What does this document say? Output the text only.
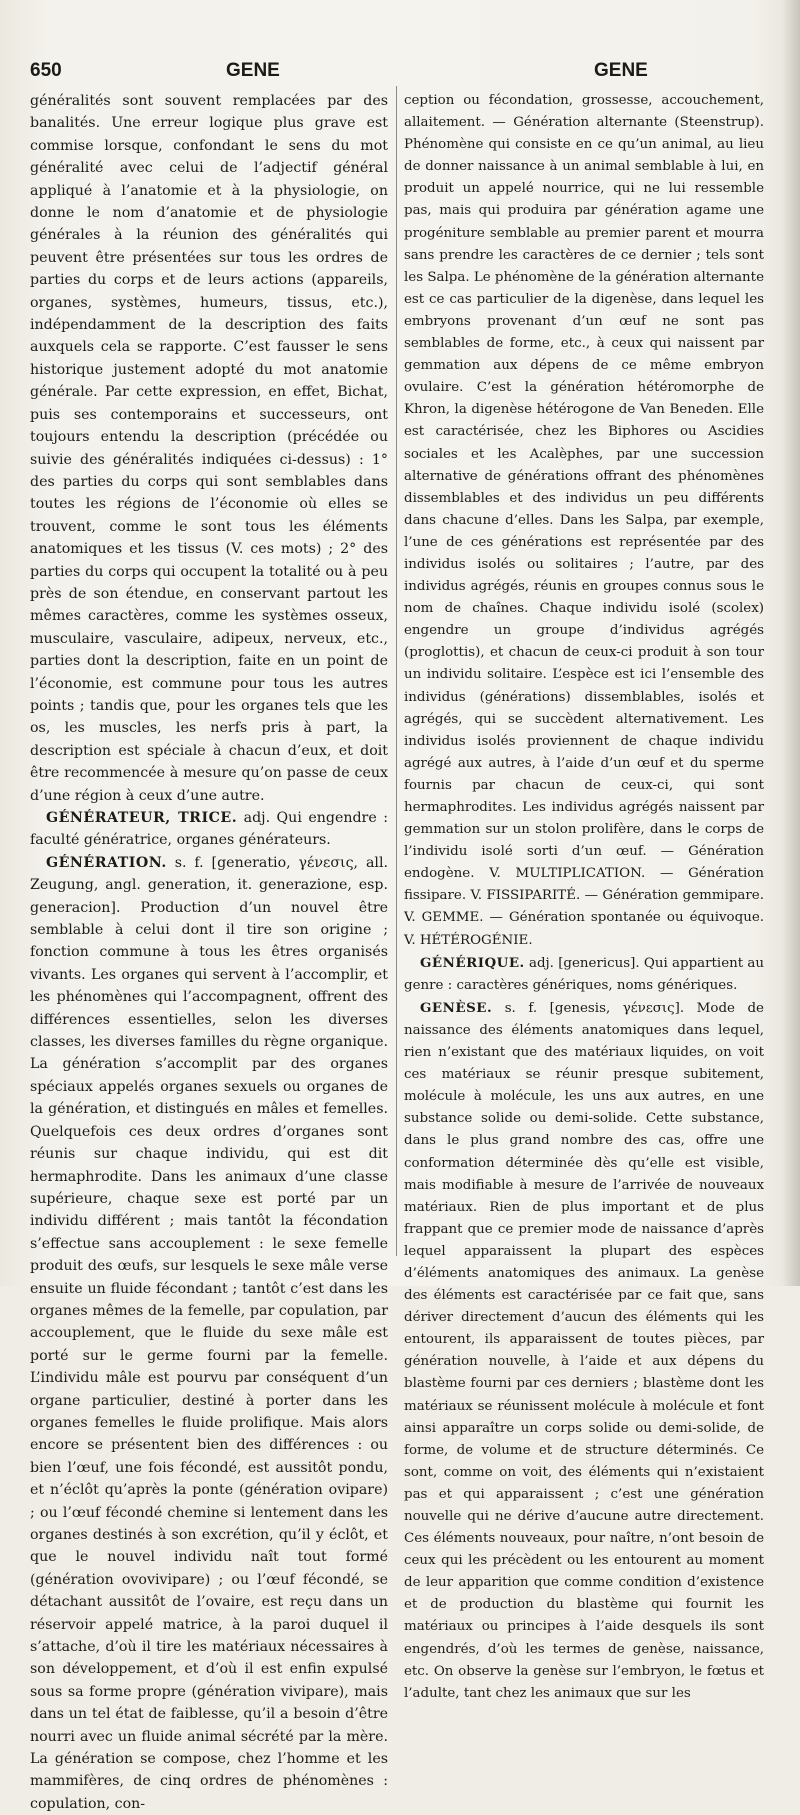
650	GENE	GENE

généralités sont souvent remplacées par des banalités. Une erreur logique plus grave est commise lorsque, confondant le sens du mot généralité avec celui de l’adjectif général appliqué à l’anatomie et à la physiologie, on donne le nom d’anatomie et de physiologie générales à la réunion des généralités qui peuvent être présentées sur tous les ordres de parties du corps et de leurs actions (appareils, organes, systèmes, humeurs, tissus, etc.), indépendamment de la description des faits auxquels cela se rapporte. C’est fausser le sens historique justement adopté du mot anatomie générale. Par cette expression, en effet, Bichat, puis ses contemporains et successeurs, ont toujours entendu la description (précédée ou suivie des généralités indiquées ci-dessus) : 1° des parties du corps qui sont semblables dans toutes les régions de l’économie où elles se trouvent, comme le sont tous les éléments anatomiques et les tissus (V. ces mots) ; 2° des parties du corps qui occupent la totalité ou à peu près de son étendue, en conservant partout les mêmes caractères, comme les systèmes osseux, musculaire, vasculaire, adipeux, nerveux, etc., parties dont la description, faite en un point de l’économie, est commune pour tous les autres points ; tandis que, pour les organes tels que les os, les muscles, les nerfs pris à part, la description est spéciale à chacun d’eux, et doit être recommencée à mesure qu’on passe de ceux d’une région à ceux d’une autre.

GÉNÉRATEUR, TRICE. adj. Qui engendre : faculté génératrice, organes générateurs.

GÉNÉRATION. s. f. [generatio, γένεσις, all. Zeugung, angl. generation, it. generazione, esp. generacion]. Production d’un nouvel être semblable à celui dont il tire son origine ; fonction commune à tous les êtres organisés vivants. Les organes qui servent à l’accomplir, et les phénomènes qui l’accompagnent, offrent des différences essentielles, selon les diverses classes, les diverses familles du règne organique. La génération s’accomplit par des organes spéciaux appelés organes sexuels ou organes de la génération, et distingués en mâles et femelles. Quelquefois ces deux ordres d’organes sont réunis sur chaque individu, qui est dit hermaphrodite. Dans les animaux d’une classe supérieure, chaque sexe est porté par un individu différent ; mais tantôt la fécondation s’effectue sans accouplement : le sexe femelle produit des œufs, sur lesquels le sexe mâle verse ensuite un fluide fécondant ; tantôt c’est dans les organes mêmes de la femelle, par copulation, par accouplement, que le fluide du sexe mâle est porté sur le germe fourni par la femelle. L’individu mâle est pourvu par conséquent d’un organe particulier, destiné à porter dans les organes femelles le fluide prolifique. Mais alors encore se présentent bien des différences : ou bien l’œuf, une fois fécondé, est aussitôt pondu, et n’éclôt qu’après la ponte (génération ovipare) ; ou l’œuf fécondé chemine si lentement dans les organes destinés à son excrétion, qu’il y éclôt, et que le nouvel individu naît tout formé (génération ovovivipare) ; ou l’œuf fécondé, se détachant aussitôt de l’ovaire, est reçu dans un réservoir appelé matrice, à la paroi duquel il s’attache, d’où il tire les matériaux nécessaires à son développement, et d’où il est enfin expulsé sous sa forme propre (génération vivipare), mais dans un tel état de faiblesse, qu’il a besoin d’être nourri avec un fluide animal sécrété par la mère. La génération se compose, chez l’homme et les mammifères, de cinq ordres de phénomènes : copulation, con-

ception ou fécondation, grossesse, accouchement, allaitement. — Génération alternante (Steenstrup). Phénomène qui consiste en ce qu’un animal, au lieu de donner naissance à un animal semblable à lui, en produit un appelé nourrice, qui ne lui ressemble pas, mais qui produira par génération agame une progéniture semblable au premier parent et mourra sans prendre les caractères de ce dernier ; tels sont les Salpa. Le phénomène de la génération alternante est ce cas particulier de la digenèse, dans lequel les embryons provenant d’un œuf ne sont pas semblables de forme, etc., à ceux qui naissent par gemmation aux dépens de ce même embryon ovulaire. C’est la génération hétéromorphe de Khron, la digenèse hétérogone de Van Beneden. Elle est caractérisée, chez les Biphores ou Ascidies sociales et les Acalèphes, par une succession alternative de générations offrant des phénomènes dissemblables et des individus un peu différents dans chacune d’elles. Dans les Salpa, par exemple, l’une de ces générations est représentée par des individus isolés ou solitaires ; l’autre, par des individus agrégés, réunis en groupes connus sous le nom de chaînes. Chaque individu isolé (scolex) engendre un groupe d’individus agrégés (proglottis), et chacun de ceux-ci produit à son tour un individu solitaire. L’espèce est ici l’ensemble des individus (générations) dissemblables, isolés et agrégés, qui se succèdent alternativement. Les individus isolés proviennent de chaque individu agrégé aux autres, à l’aide d’un œuf et du sperme fournis par chacun de ceux-ci, qui sont hermaphrodites. Les individus agrégés naissent par gemmation sur un stolon prolifère, dans le corps de l’individu isolé sorti d’un œuf. — Génération endogène. V. MULTIPLICATION. — Génération fissipare. V. FISSIPARITÉ. — Génération gemmipare. V. GEMME. — Génération spontanée ou équivoque. V. HÉTÉROGÉNIE.

GÉNÉRIQUE. adj. [genericus]. Qui appartient au genre : caractères génériques, noms génériques.

GENÈSE. s. f. [genesis, γένεσις]. Mode de naissance des éléments anatomiques dans lequel, rien n’existant que des matériaux liquides, on voit ces matériaux se réunir presque subitement, molécule à molécule, les uns aux autres, en une substance solide ou demi-solide. Cette substance, dans le plus grand nombre des cas, offre une conformation déterminée dès qu’elle est visible, mais modifiable à mesure de l’arrivée de nouveaux matériaux. Rien de plus important et de plus frappant que ce premier mode de naissance d’après lequel apparaissent la plupart des espèces d’éléments anatomiques des animaux. La genèse des éléments est caractérisée par ce fait que, sans dériver directement d’aucun des éléments qui les entourent, ils apparaissent de toutes pièces, par génération nouvelle, à l’aide et aux dépens du blastème fourni par ces derniers ; blastème dont les matériaux se réunissent molécule à molécule et font ainsi apparaître un corps solide ou demi-solide, de forme, de volume et de structure déterminés. Ce sont, comme on voit, des éléments qui n’existaient pas et qui apparaissent ; c’est une génération nouvelle qui ne dérive d’aucune autre directement. Ces éléments nouveaux, pour naître, n’ont besoin de ceux qui les précèdent ou les entourent au moment de leur apparition que comme condition d’existence et de production du blastème qui fournit les matériaux ou principes à l’aide desquels ils sont engendrés, d’où les termes de genèse, naissance, etc. On observe la genèse sur l’embryon, le fœtus et l’adulte, tant chez les animaux que sur les
